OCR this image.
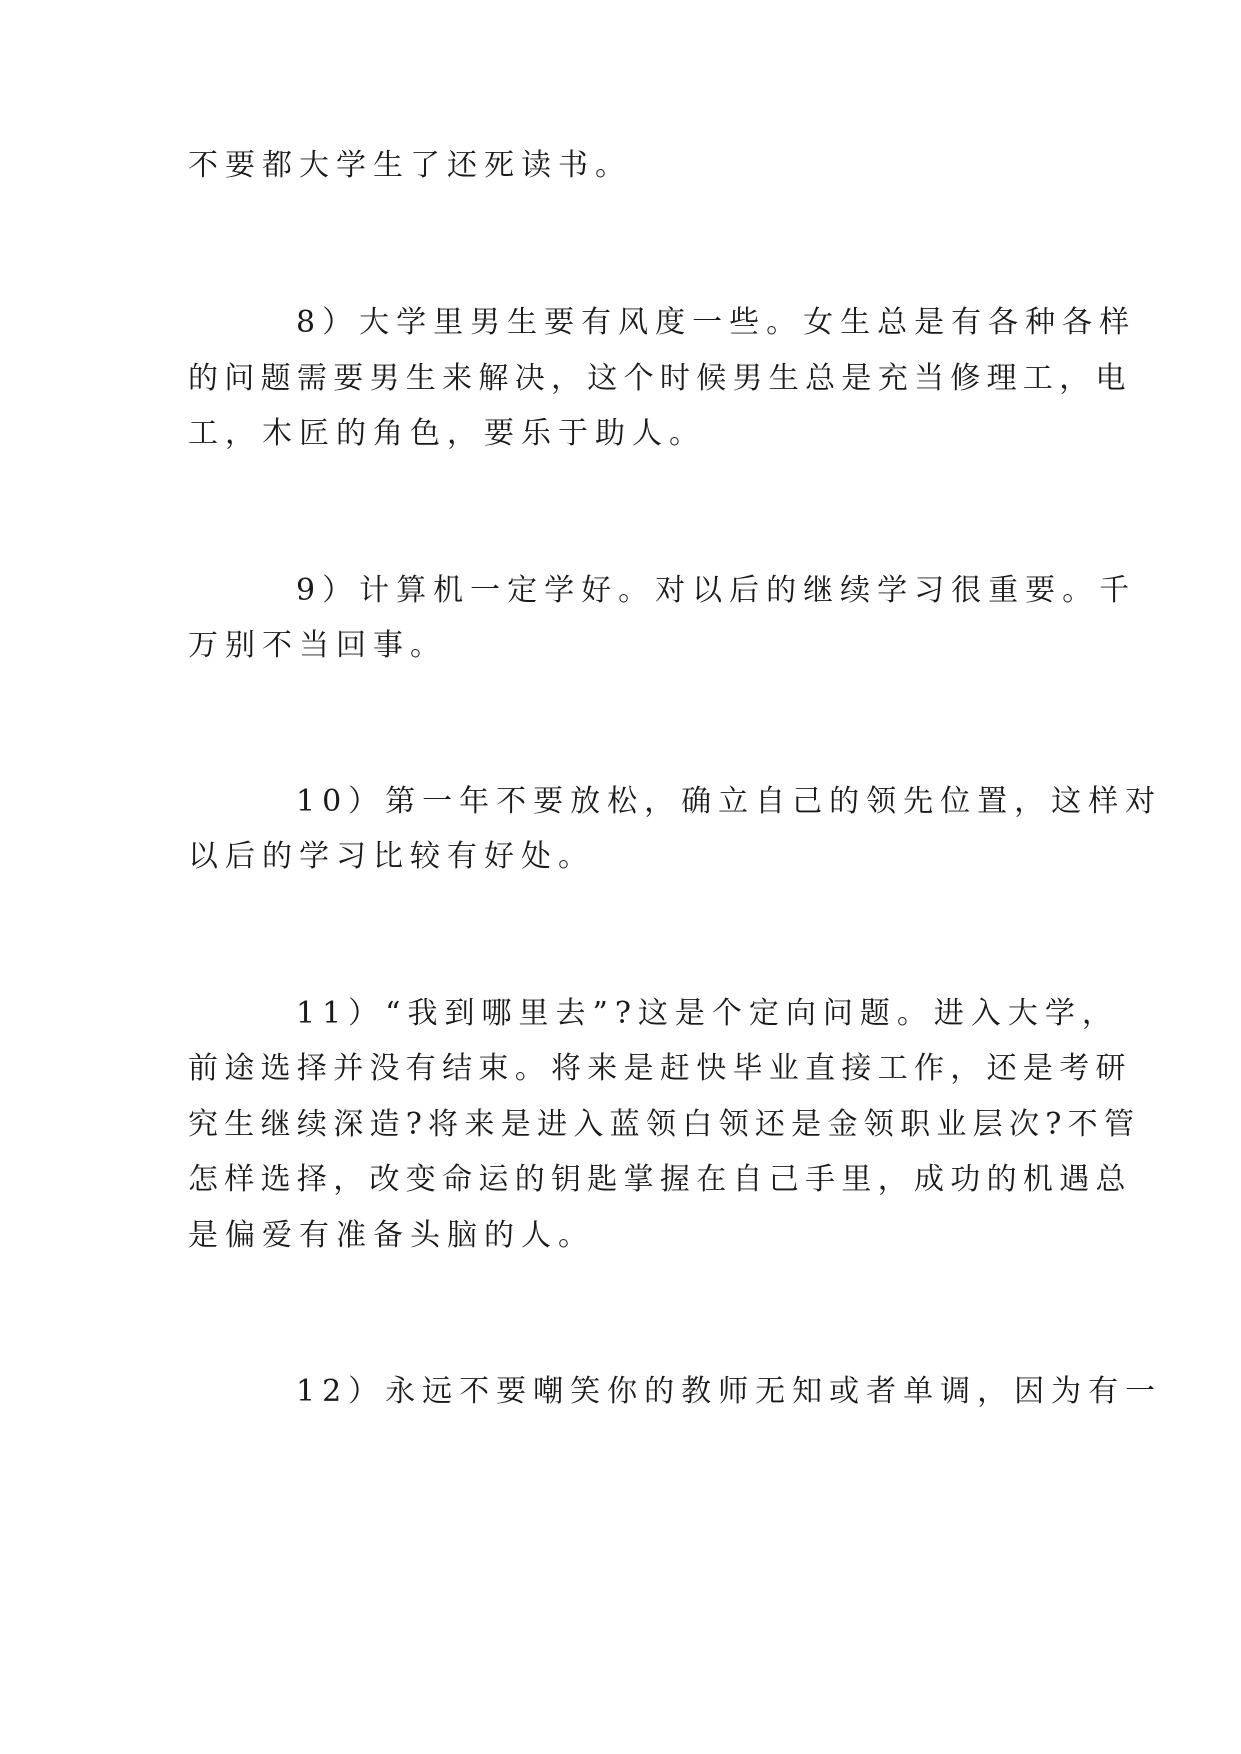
不要都大学生了还死读书。

8）大学里男生要有风度一些。女生总是有各种各样

的问题需要男生来解决，这个时候男生总是充当修理工，电

工，木匠的角色，要乐于助人。

9）计算机一定学好。对以后的继续学习很重要。千

万别不当回事。

10）第一年不要放松，确立自己的领先位置，这样对

以后的学习比较有好处。

11）“我到哪里去”?这是个定向问题。进入大学，

前途选择并没有结束。将来是赶快毕业直接工作，还是考研

究生继续深造?将来是进入蓝领白领还是金领职业层次?不管

怎样选择，改变命运的钥匙掌握在自己手里，成功的机遇总

是偏爱有准备头脑的人。

12）永远不要嘲笑你的教师无知或者单调，因为有一
